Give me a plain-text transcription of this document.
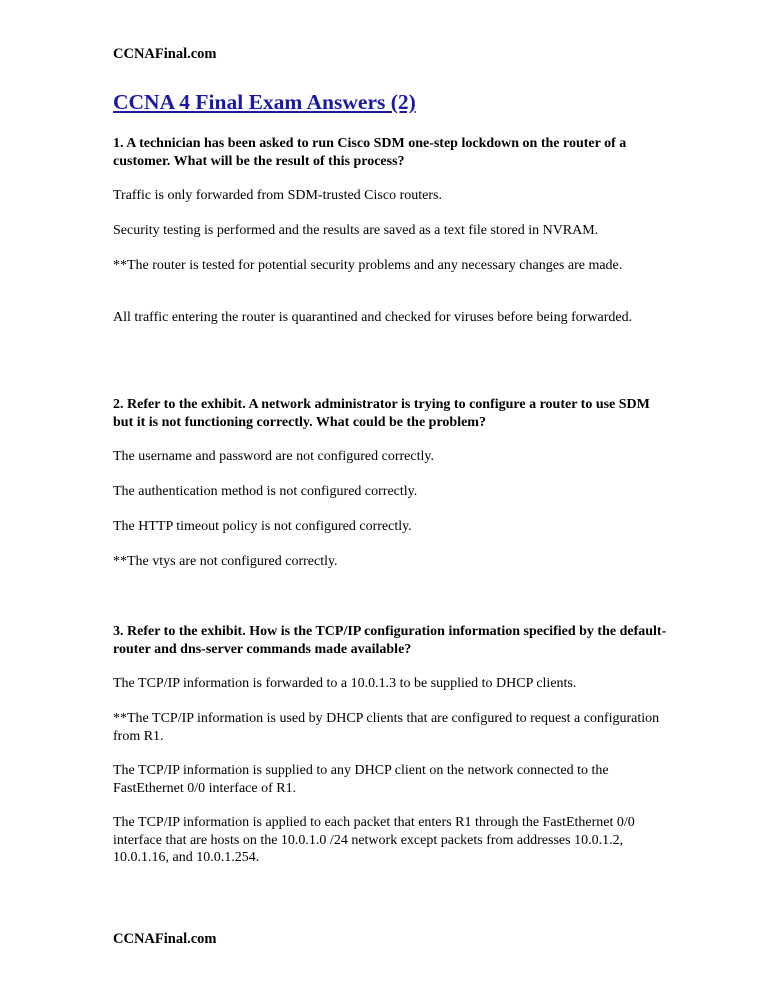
CCNAFinal.com

CCNA 4 Final Exam Answers (2)

1. A technician has been asked to run Cisco SDM one-step lockdown on the router of a customer. What will be the result of this process?

Traffic is only forwarded from SDM-trusted Cisco routers.

Security testing is performed and the results are saved as a text file stored in NVRAM.

**The router is tested for potential security problems and any necessary changes are made.

All traffic entering the router is quarantined and checked for viruses before being forwarded.

2. Refer to the exhibit. A network administrator is trying to configure a router to use SDM but it is not functioning correctly. What could be the problem?

The username and password are not configured correctly.

The authentication method is not configured correctly.

The HTTP timeout policy is not configured correctly.

**The vtys are not configured correctly.

3. Refer to the exhibit. How is the TCP/IP configuration information specified by the default-router and dns-server commands made available?

The TCP/IP information is forwarded to a 10.0.1.3 to be supplied to DHCP clients.

**The TCP/IP information is used by DHCP clients that are configured to request a configuration from R1.

The TCP/IP information is supplied to any DHCP client on the network connected to the FastEthernet 0/0 interface of R1.

The TCP/IP information is applied to each packet that enters R1 through the FastEthernet 0/0 interface that are hosts on the 10.0.1.0 /24 network except packets from addresses 10.0.1.2, 10.0.1.16, and 10.0.1.254.

CCNAFinal.com
